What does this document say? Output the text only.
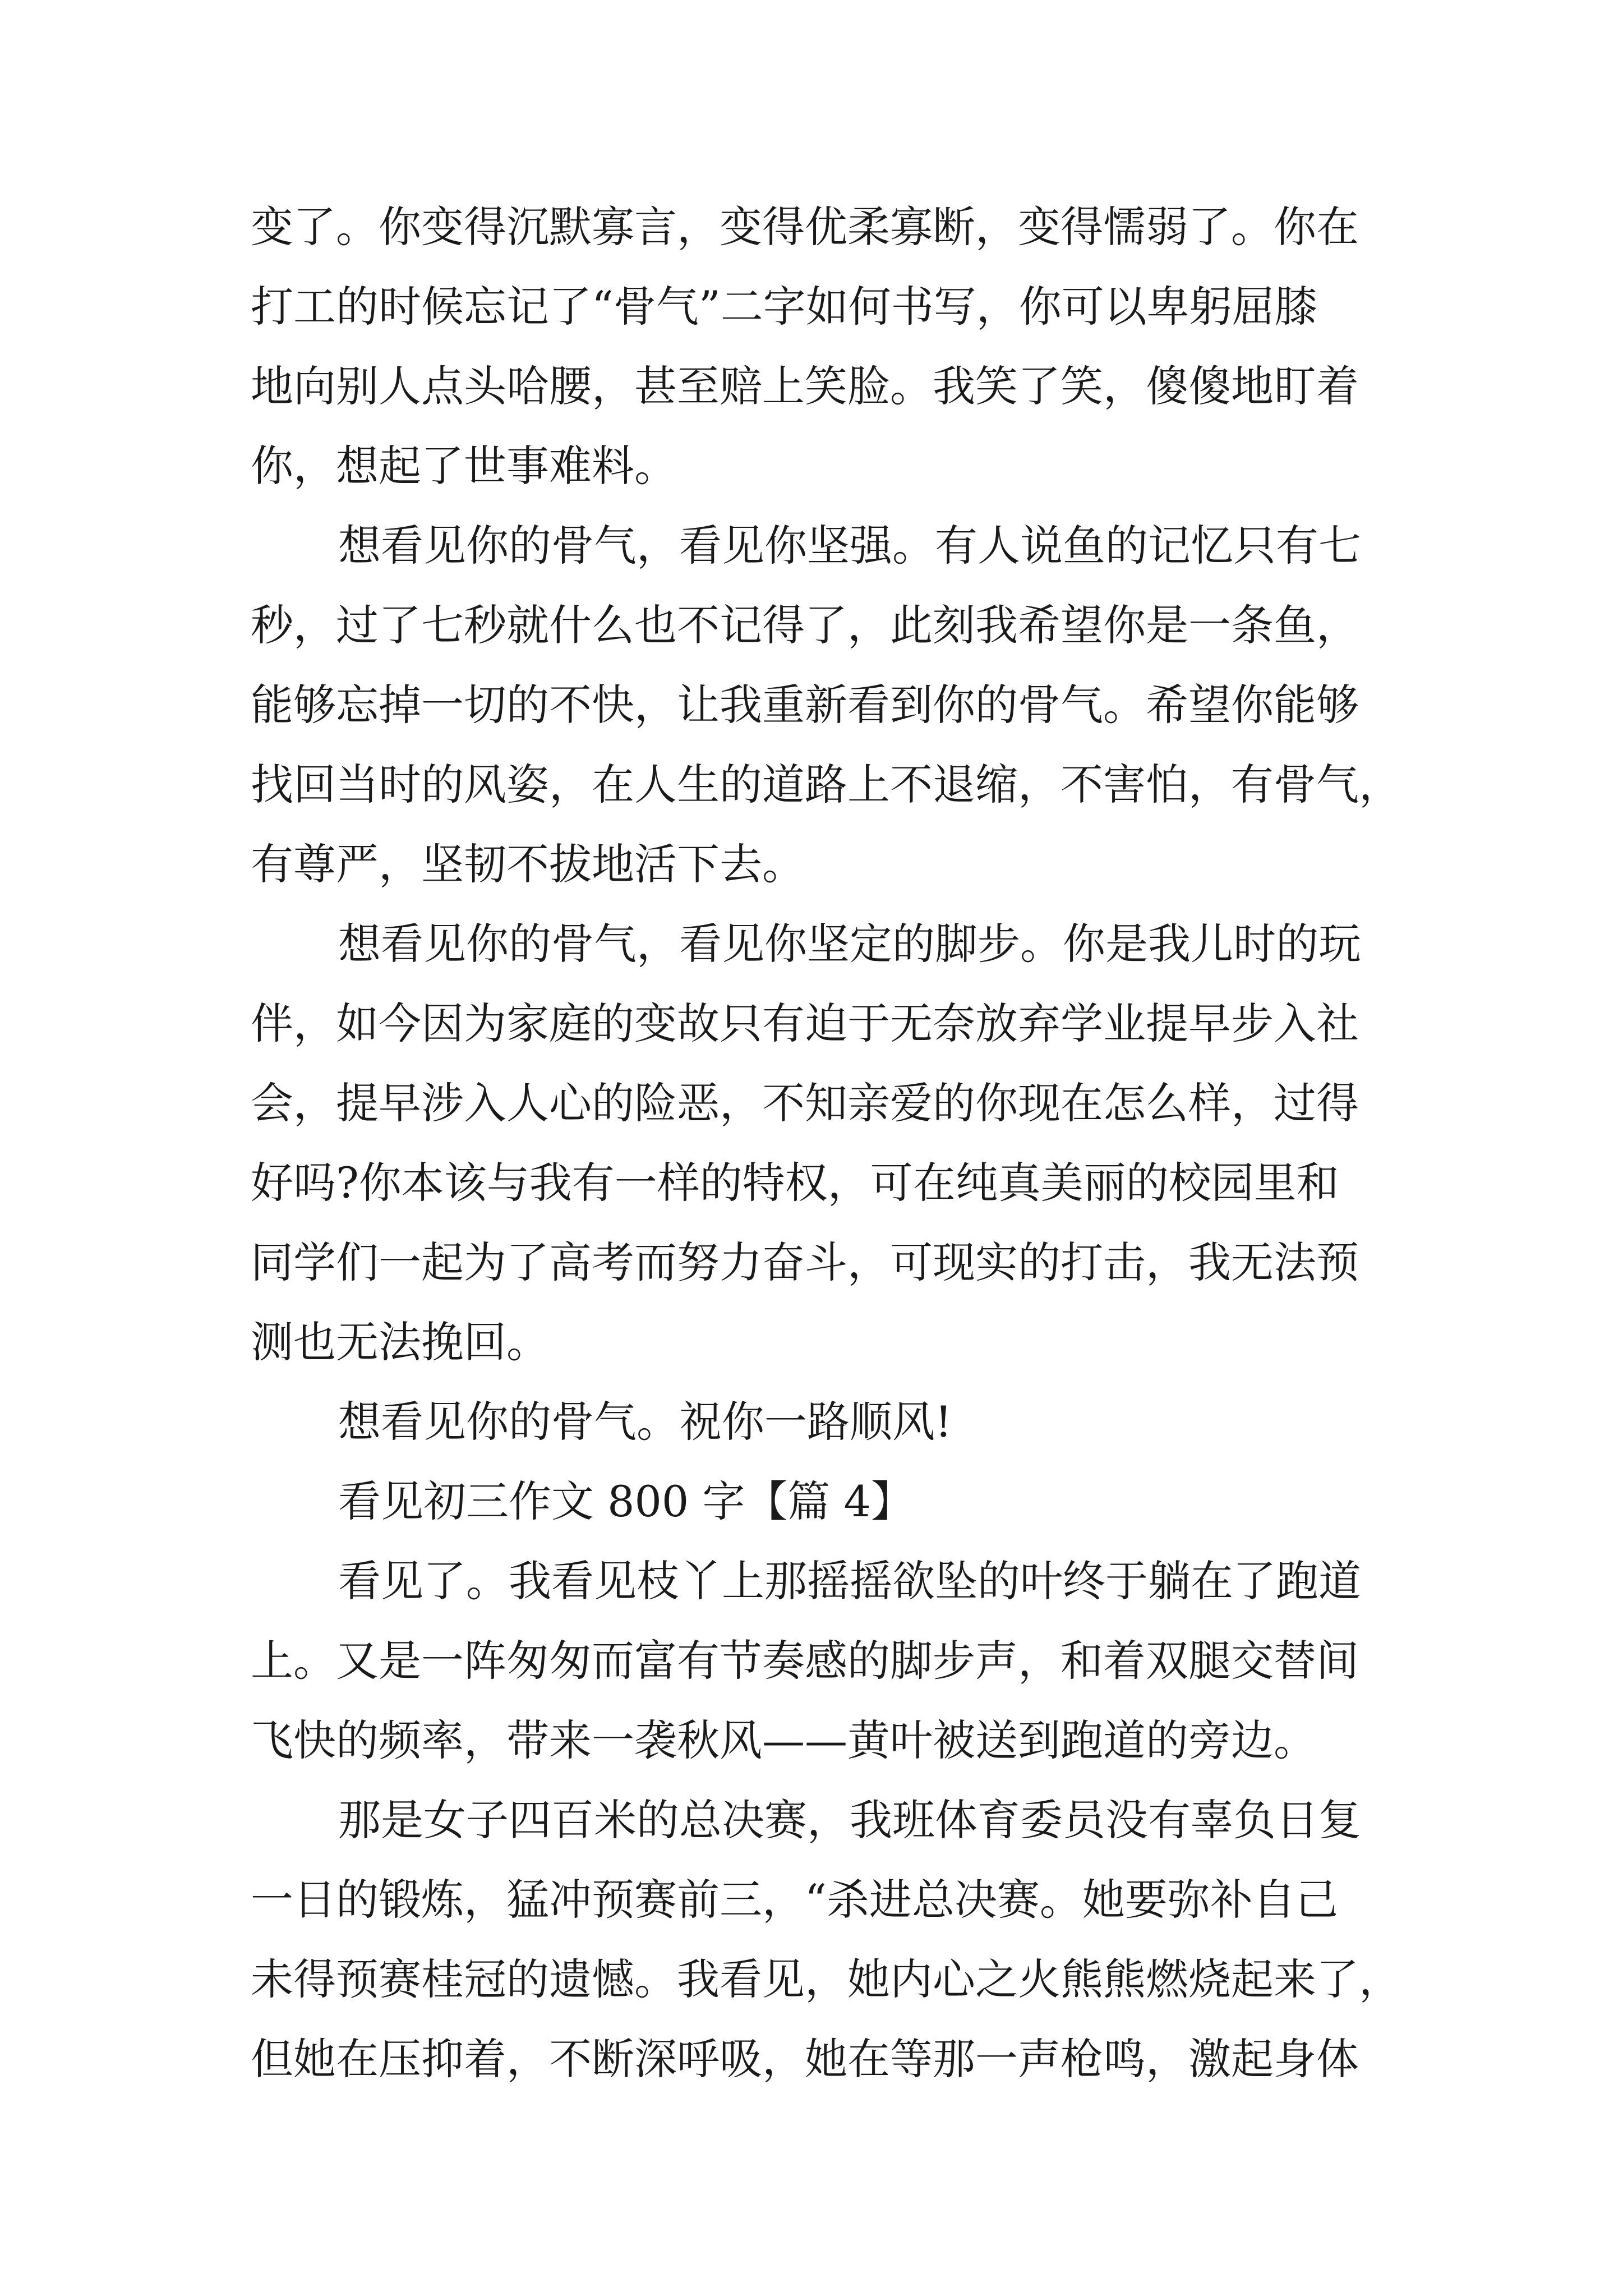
变了。你变得沉默寡言，变得优柔寡断，变得懦弱了。你在
打工的时候忘记了“骨气”二字如何书写，你可以卑躬屈膝
地向别人点头哈腰，甚至赔上笑脸。我笑了笑，傻傻地盯着
你，想起了世事难料。
想看见你的骨气，看见你坚强。有人说鱼的记忆只有七
秒，过了七秒就什么也不记得了，此刻我希望你是一条鱼，
能够忘掉一切的不快，让我重新看到你的骨气。希望你能够
找回当时的风姿，在人生的道路上不退缩，不害怕，有骨气，
有尊严，坚韧不拔地活下去。
想看见你的骨气，看见你坚定的脚步。你是我儿时的玩
伴，如今因为家庭的变故只有迫于无奈放弃学业提早步入社
会，提早涉入人心的险恶，不知亲爱的你现在怎么样，过得
好吗?你本该与我有一样的特权，可在纯真美丽的校园里和
同学们一起为了高考而努力奋斗，可现实的打击，我无法预
测也无法挽回。
想看见你的骨气。祝你一路顺风!
看见初三作文 800 字【篇 4】
看见了。我看见枝丫上那摇摇欲坠的叶终于躺在了跑道
上。又是一阵匆匆而富有节奏感的脚步声，和着双腿交替间
飞快的频率，带来一袭秋风——黄叶被送到跑道的旁边。
那是女子四百米的总决赛，我班体育委员没有辜负日复
一日的锻炼，猛冲预赛前三，“杀进总决赛。她要弥补自己
未得预赛桂冠的遗憾。我看见，她内心之火熊熊燃烧起来了，
但她在压抑着，不断深呼吸，她在等那一声枪鸣，激起身体
